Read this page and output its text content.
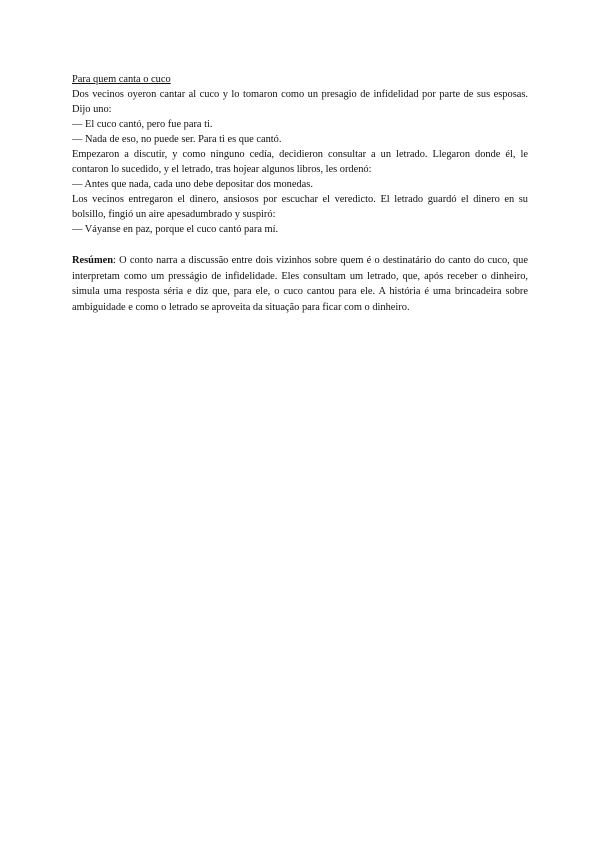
Para quem canta o cuco

Dos vecinos oyeron cantar al cuco y lo tomaron como un presagio de infidelidad por parte de sus esposas. Dijo uno:

— El cuco cantó, pero fue para ti.

— Nada de eso, no puede ser. Para ti es que cantó.

Empezaron a discutir, y como ninguno cedía, decidieron consultar a un letrado. Llegaron donde él, le contaron lo sucedido, y el letrado, tras hojear algunos libros, les ordenó:

— Antes que nada, cada uno debe depositar dos monedas.

Los vecinos entregaron el dinero, ansiosos por escuchar el veredicto. El letrado guardó el dinero en su bolsillo, fingió un aire apesadumbrado y suspiró:

— Váyanse en paz, porque el cuco cantó para mí.

Resúmen: O conto narra a discussão entre dois vizinhos sobre quem é o destinatário do canto do cuco, que interpretam como um presságio de infidelidade. Eles consultam um letrado, que, após receber o dinheiro, simula uma resposta séria e diz que, para ele, o cuco cantou para ele. A história é uma brincadeira sobre ambiguidade e como o letrado se aproveita da situação para ficar com o dinheiro.
